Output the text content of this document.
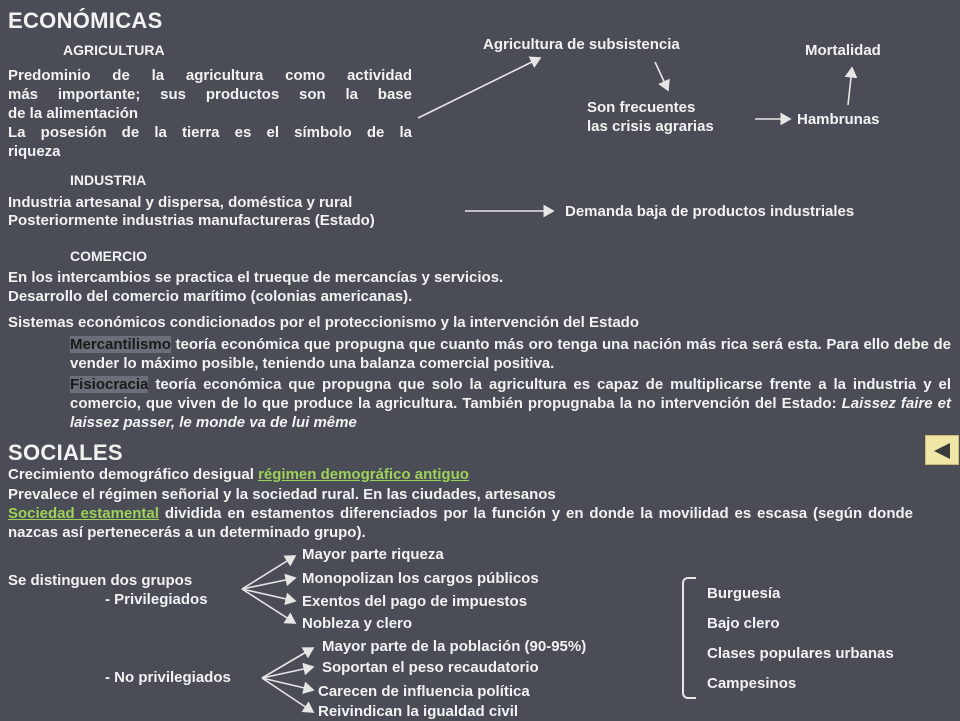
ECONÓMICAS
AGRICULTURA
Predominio de la agricultura como actividad
más importante; sus productos son la base
de la alimentación
La posesión de la tierra es el símbolo de la
riqueza
Agricultura de subsistencia
Son frecuentes
las crisis agrarias	Hambrunas
Mortalidad
INDUSTRIA
Industria artesanal y dispersa, doméstica y rural
Posteriormente industrias manufactureras (Estado)
Demanda baja de productos industriales
COMERCIO
En los intercambios se practica el trueque de mercancías y servicios.
Desarrollo del comercio marítimo (colonias americanas).
Sistemas económicos condicionados por el proteccionismo y la intervención del Estado
Mercantilismo teoría económica que propugna que cuanto más oro tenga una nación más rica será esta. Para ello debe de vender lo máximo posible, teniendo una balanza comercial positiva.
Fisiocracia teoría económica que propugna que solo la agricultura es capaz de multiplicarse frente a la industria y el comercio, que viven de lo que produce la agricultura. También propugnaba la no intervención del Estado: Laissez faire et laissez passer, le monde va de lui même
SOCIALES
Crecimiento demográfico desigual régimen demográfico antiguo
Prevalece el régimen señorial y la sociedad rural. En las ciudades, artesanos
Sociedad estamental dividida en estamentos diferenciados por la función y en donde la movilidad es escasa (según donde nazcas así pertenecerás a un determinado grupo).
Se distinguen dos grupos
- Privilegiados
Mayor parte riqueza
Monopolizan los cargos públicos
Exentos del pago de impuestos
Nobleza y clero
- No privilegiados
Mayor parte de la población (90-95%)
Soportan el peso recaudatorio
Carecen de influencia política
Reivindican la igualdad civil
Burguesía
Bajo clero
Clases populares urbanas
Campesinos
